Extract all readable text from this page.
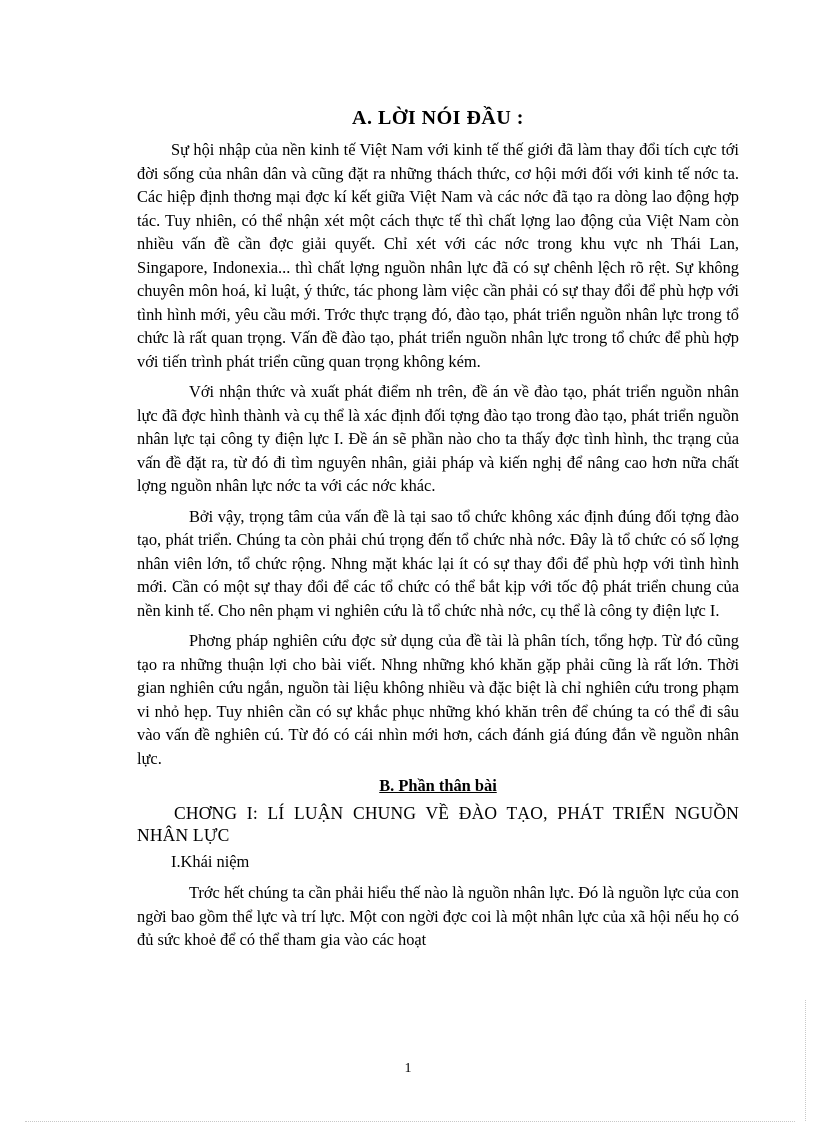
A. LỜI NÓI ĐẦU :

Sự hội nhập của nền kinh tế Việt Nam với kinh tế thế giới đã làm thay đổi tích cực tới đời sống của nhân dân và cũng đặt ra những thách thức, cơ hội mới đối với kinh tế nớc ta. Các hiệp định thơng mại đợc kí kết giữa Việt Nam và các nớc đã tạo ra dòng lao động hợp tác. Tuy nhiên, có thể nhận xét một cách thực tế thì chất lợng lao động của Việt Nam còn nhiều vấn đề cần đợc giải quyết. Chỉ xét với các nớc trong khu vực nh Thái Lan, Singapore, Indonexia... thì chất lợng nguồn nhân lực đã có sự chênh lệch rõ rệt. Sự không chuyên môn hoá, kỉ luật, ý thức, tác phong làm việc cần phải có sự thay đổi để phù hợp với tình hình mới, yêu cầu mới. Trớc thực trạng đó, đào tạo, phát triển nguồn nhân lực trong tổ chức là rất quan trọng. Vấn đề đào tạo, phát triển nguồn nhân lực trong tổ chức để phù hợp với tiến trình phát triển cũng quan trọng không kém.

Với nhận thức và xuất phát điểm nh trên, đề án về đào tạo, phát triển nguồn nhân lực đã đợc hình thành và cụ thể là xác định đối tợng đào tạo trong đào tạo, phát triển nguồn nhân lực tại công ty điện lực I. Đề án sẽ phần nào cho ta thấy đợc tình hình, thc trạng của vấn đề đặt ra, từ đó đi tìm nguyên nhân, giải pháp và kiến nghị để nâng cao hơn nữa chất lợng nguồn nhân lực nớc ta với các nớc khác.

Bởi vậy, trọng tâm của vấn đề là tại sao tổ chức không xác định đúng đối tợng đào tạo, phát triển. Chúng ta còn phải chú trọng đến tổ chức nhà nớc. Đây là tổ chức có số lợng nhân viên lớn, tổ chức rộng. Nhng mặt khác lại ít có sự thay đổi để phù hợp với tình hình mới. Cần có một sự thay đổi để các tổ chức có thể bắt kịp với tốc độ phát triển chung của nền kinh tế. Cho nên phạm vi nghiên cứu là tổ chức nhà nớc, cụ thể là công ty điện lực I.

Phơng pháp nghiên cứu đợc sử dụng của đề tài là phân tích, tổng hợp. Từ đó cũng tạo ra những thuận lợi cho bài viết. Nhng những khó khăn gặp phải cũng là rất lớn. Thời gian nghiên cứu ngắn, nguồn tài liệu không nhiều và đặc biệt là chỉ nghiên cứu trong phạm vi nhỏ hẹp. Tuy nhiên cần có sự khắc phục những khó khăn trên để chúng ta có thể đi sâu vào vấn đề nghiên cú. Từ đó có cái nhìn mới hơn, cách đánh giá đúng đắn về nguồn nhân lực.

B. Phần thân bài

CHƠNG I: LÍ LUẬN CHUNG VỀ ĐÀO TẠO, PHÁT TRIỂN NGUỒN NHÂN LỰC

I.Khái niệm

Trớc hết chúng ta cần phải hiểu thế nào là nguồn nhân lực. Đó là nguồn lực của con ngời bao gồm thể lực và trí lực. Một con ngời đợc coi là một nhân lực của xã hội nếu họ có đủ sức khoẻ để có thể tham gia vào các hoạt

1
